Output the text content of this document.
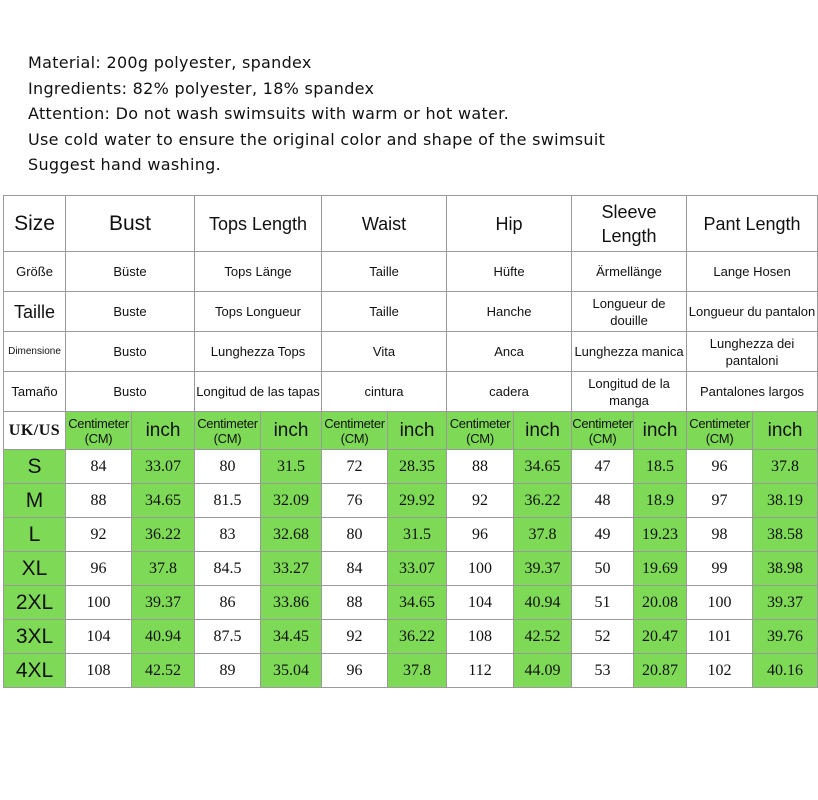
Material: 200g polyester, spandex
Ingredients: 82% polyester, 18% spandex
Attention: Do not wash swimsuits with warm or hot water.
Use cold water to ensure the original color and shape of the swimsuit
Suggest hand washing.
Size	Bust		Tops Length		Waist		Hip		Sleeve Length		Pant Length	
Größe	Büste		Tops Länge		Taille		Hüfte		Ärmellänge		Lange Hosen	
Taille	Buste		Tops Longueur		Taille		Hanche		Longueur de douille		Longueur du pantalon	
Dimensione	Busto		Lunghezza Tops		Vita		Anca		Lunghezza manica		Lunghezza dei pantaloni	
Tamaño	Busto		Longitud de las tapas		cintura		cadera		Longitud de la manga		Pantalones largos	
UK/US	Centimeter (CM)	inch	Centimeter (CM)	inch	Centimeter (CM)	inch	Centimeter (CM)	inch	Centimeter (CM)	inch	Centimeter (CM)	inch
S	84	33.07	80	31.5	72	28.35	88	34.65	47	18.5	96	37.8
M	88	34.65	81.5	32.09	76	29.92	92	36.22	48	18.9	97	38.19
L	92	36.22	83	32.68	80	31.5	96	37.8	49	19.23	98	38.58
XL	96	37.8	84.5	33.27	84	33.07	100	39.37	50	19.69	99	38.98
2XL	100	39.37	86	33.86	88	34.65	104	40.94	51	20.08	100	39.37
3XL	104	40.94	87.5	34.45	92	36.22	108	42.52	52	20.47	101	39.76
4XL	108	42.52	89	35.04	96	37.8	112	44.09	53	20.87	102	40.16
